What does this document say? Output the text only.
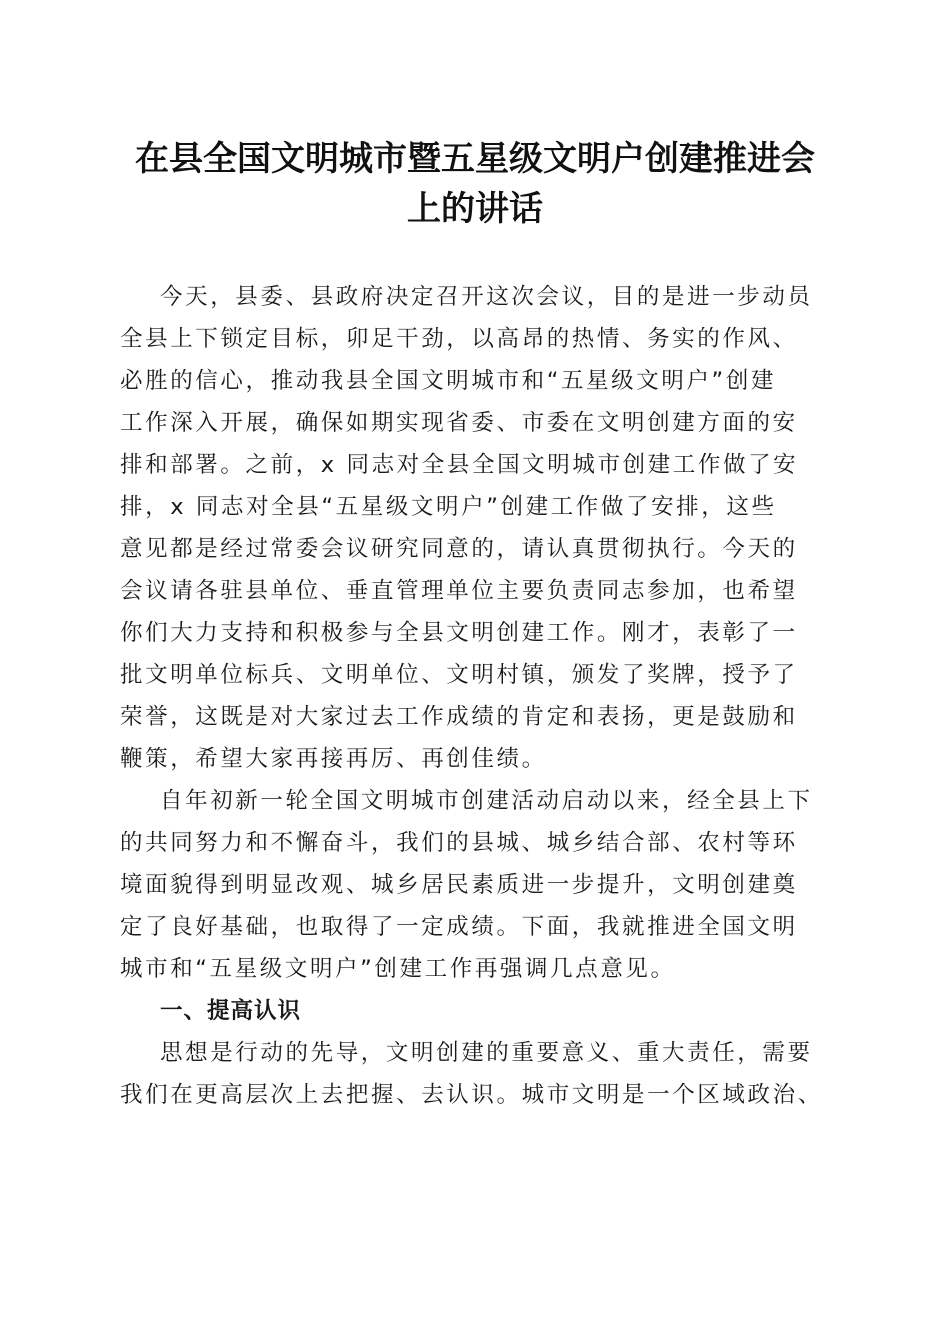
在县全国文明城市暨五星级文明户创建推进会
上的讲话
今天，县委、县政府决定召开这次会议，目的是进一步动员
全县上下锁定目标，卯足干劲，以高昂的热情、务实的作风、
必胜的信心，推动我县全国文明城市和“五星级文明户”创建
工作深入开展，确保如期实现省委、市委在文明创建方面的安
排和部署。之前，x 同志对全县全国文明城市创建工作做了安
排，x 同志对全县“五星级文明户”创建工作做了安排，这些
意见都是经过常委会议研究同意的，请认真贯彻执行。今天的
会议请各驻县单位、垂直管理单位主要负责同志参加，也希望
你们大力支持和积极参与全县文明创建工作。刚才，表彰了一
批文明单位标兵、文明单位、文明村镇，颁发了奖牌，授予了
荣誉，这既是对大家过去工作成绩的肯定和表扬，更是鼓励和
鞭策，希望大家再接再厉、再创佳绩。
自年初新一轮全国文明城市创建活动启动以来，经全县上下
的共同努力和不懈奋斗，我们的县城、城乡结合部、农村等环
境面貌得到明显改观、城乡居民素质进一步提升，文明创建奠
定了良好基础，也取得了一定成绩。下面，我就推进全国文明
城市和“五星级文明户”创建工作再强调几点意见。
一、提高认识
思想是行动的先导，文明创建的重要意义、重大责任，需要
我们在更高层次上去把握、去认识。城市文明是一个区域政治、
